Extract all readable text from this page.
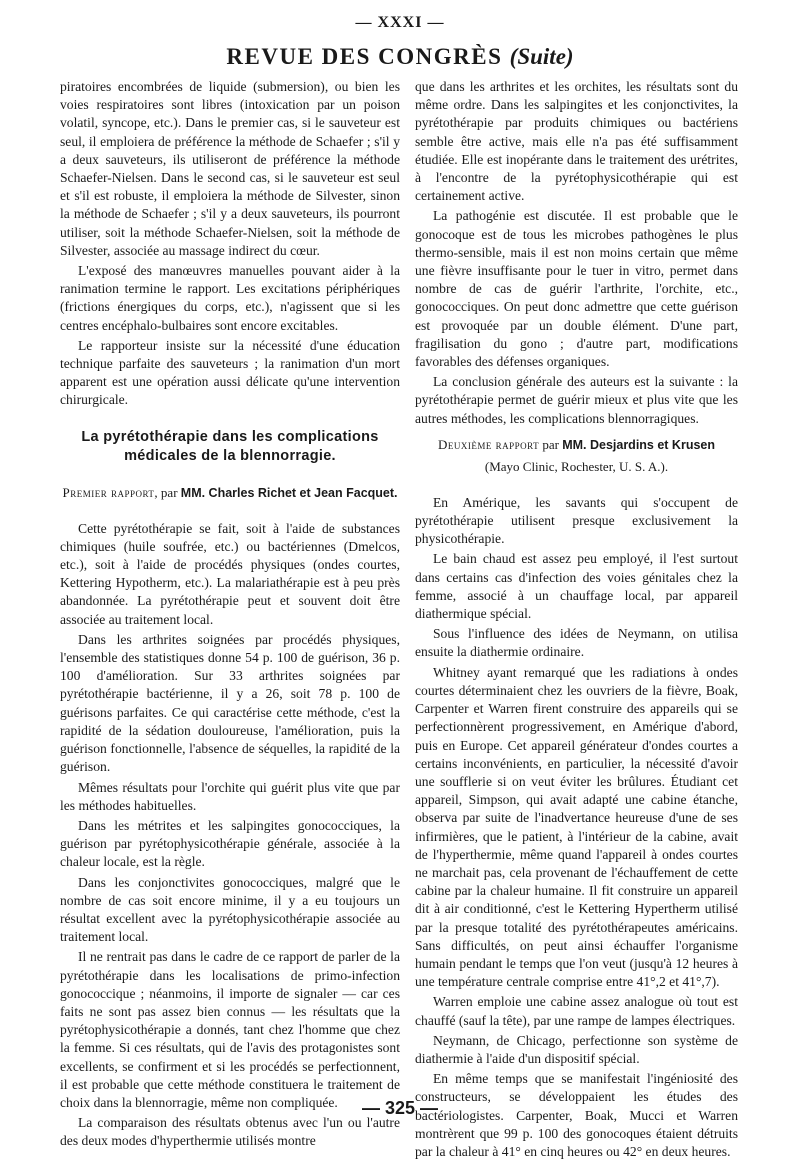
— XXXI —
REVUE DES CONGRÈS (Suite)

piratoires encombrées de liquide (submersion), ou bien les voies respiratoires sont libres (intoxication par un poison volatil, syncope, etc.). Dans le premier cas, si le sauveteur est seul, il emploiera de préférence la méthode de Schaefer ; s'il y a deux sauveteurs, ils utiliseront de préférence la méthode Schaefer-Nielsen. Dans le second cas, si le sauveteur est seul et s'il est robuste, il emploiera la méthode de Silvester, sinon la méthode de Schaefer ; s'il y a deux sauveteurs, ils pourront utiliser, soit la méthode Schaefer-Nielsen, soit la méthode de Silvester, associée au massage indirect du cœur.

L'exposé des manœuvres manuelles pouvant aider à la ranimation termine le rapport. Les excitations périphériques (frictions énergiques du corps, etc.), n'agissent que si les centres encéphalo-bulbaires sont encore excitables.

Le rapporteur insiste sur la nécessité d'une éducation technique parfaite des sauveteurs ; la ranimation d'un mort apparent est une opération aussi délicate qu'une intervention chirurgicale.

La pyrétothérapie dans les complications médicales de la blennorragie.
Premier rapport, par MM. Charles Richet et Jean Facquet.

Cette pyrétothérapie se fait, soit à l'aide de substances chimiques (huile soufrée, etc.) ou bactériennes (Dmelcos, etc.), soit à l'aide de procédés physiques (ondes courtes, Kettering Hypotherm, etc.). La malariathérapie est à peu près abandonnée. La pyrétothérapie peut et souvent doit être associée au traitement local.

Dans les arthrites soignées par procédés physiques, l'ensemble des statistiques donne 54 p. 100 de guérison, 36 p. 100 d'amélioration. Sur 33 arthrites soignées par pyrétothérapie bactérienne, il y a 26, soit 78 p. 100 de guérisons parfaites. Ce qui caractérise cette méthode, c'est la rapidité de la sédation douloureuse, l'amélioration, puis la guérison fonctionnelle, l'absence de séquelles, la rapidité de la guérison.

Mêmes résultats pour l'orchite qui guérit plus vite que par les méthodes habituelles.

Dans les métrites et les salpingites gonococciques, la guérison par pyrétophysicothérapie générale, associée à la chaleur locale, est la règle.

Dans les conjonctivites gonococciques, malgré que le nombre de cas soit encore minime, il y a eu toujours un résultat excellent avec la pyrétophysicothérapie associée au traitement local.

Il ne rentrait pas dans le cadre de ce rapport de parler de la pyrétothérapie dans les localisations de primo-infection gonococcique ; néanmoins, il importe de signaler — car ces faits ne sont pas assez bien connus — les résultats que la pyrétophysicothérapie a donnés, tant chez l'homme que chez la femme. Si ces résultats, qui de l'avis des protagonistes sont excellents, se confirment et si les procédés se perfectionnent, il est probable que cette méthode constituera le traitement de choix dans la blennorragie, même non compliquée.

La comparaison des résultats obtenus avec l'un ou l'autre des deux modes d'hyperthermie utilisés montre

que dans les arthrites et les orchites, les résultats sont du même ordre. Dans les salpingites et les conjonctivites, la pyrétothérapie par produits chimiques ou bactériens semble être active, mais elle n'a pas été suffisamment étudiée. Elle est inopérante dans le traitement des urétrites, à l'encontre de la pyrétophysicothérapie qui est certainement active.

La pathogénie est discutée. Il est probable que le gonocoque est de tous les microbes pathogènes le plus thermo-sensible, mais il est non moins certain que même une fièvre insuffisante pour le tuer in vitro, permet dans nombre de cas de guérir l'arthrite, l'orchite, etc., gonococciques. On peut donc admettre que cette guérison est provoquée par un double élément. D'une part, fragilisation du gono ; d'autre part, modifications favorables des défenses organiques.

La conclusion générale des auteurs est la suivante : la pyrétothérapie permet de guérir mieux et plus vite que les autres méthodes, les complications blennorragiques.

Deuxième rapport par MM. Desjardins et Krusen
(Mayo Clinic, Rochester, U. S. A.).

En Amérique, les savants qui s'occupent de pyrétothérapie utilisent presque exclusivement la physicothérapie.

Le bain chaud est assez peu employé, il l'est surtout dans certains cas d'infection des voies génitales chez la femme, associé à un chauffage local, par appareil diathermique spécial.

Sous l'influence des idées de Neymann, on utilisa ensuite la diathermie ordinaire.

Whitney ayant remarqué que les radiations à ondes courtes déterminaient chez les ouvriers de la fièvre, Boak, Carpenter et Warren firent construire des appareils qui se perfectionnèrent progressivement, en Amérique d'abord, puis en Europe. Cet appareil générateur d'ondes courtes a certains inconvénients, en particulier, la nécessité d'avoir une soufflerie si on veut éviter les brûlures. Étudiant cet appareil, Simpson, qui avait adapté une cabine étanche, observa par suite de l'inadvertance heureuse d'une de ses infirmières, que le patient, à l'intérieur de la cabine, avait de l'hyperthermie, même quand l'appareil à ondes courtes ne marchait pas, cela provenant de l'échauffement de cette cabine par la chaleur humaine. Il fit construire un appareil dit à air conditionné, c'est le Kettering Hypertherm utilisé par la presque totalité des pyrétothérapeutes américains. Sans difficultés, on peut ainsi échauffer l'organisme humain pendant le temps que l'on veut (jusqu'à 12 heures à une température centrale comprise entre 41°,2 et 41°,7).

Warren emploie une cabine assez analogue où tout est chauffé (sauf la tête), par une rampe de lampes électriques.

Neymann, de Chicago, perfectionne son système de diathermie à l'aide d'un dispositif spécial.

En même temps que se manifestait l'ingéniosité des constructeurs, se développaient les études des bactériologistes. Carpenter, Boak, Mucci et Warren montrèrent que 99 p. 100 des gonocoques étaient détruits par la chaleur à 41° en cinq heures ou 42° en deux heures.

— 325 —
